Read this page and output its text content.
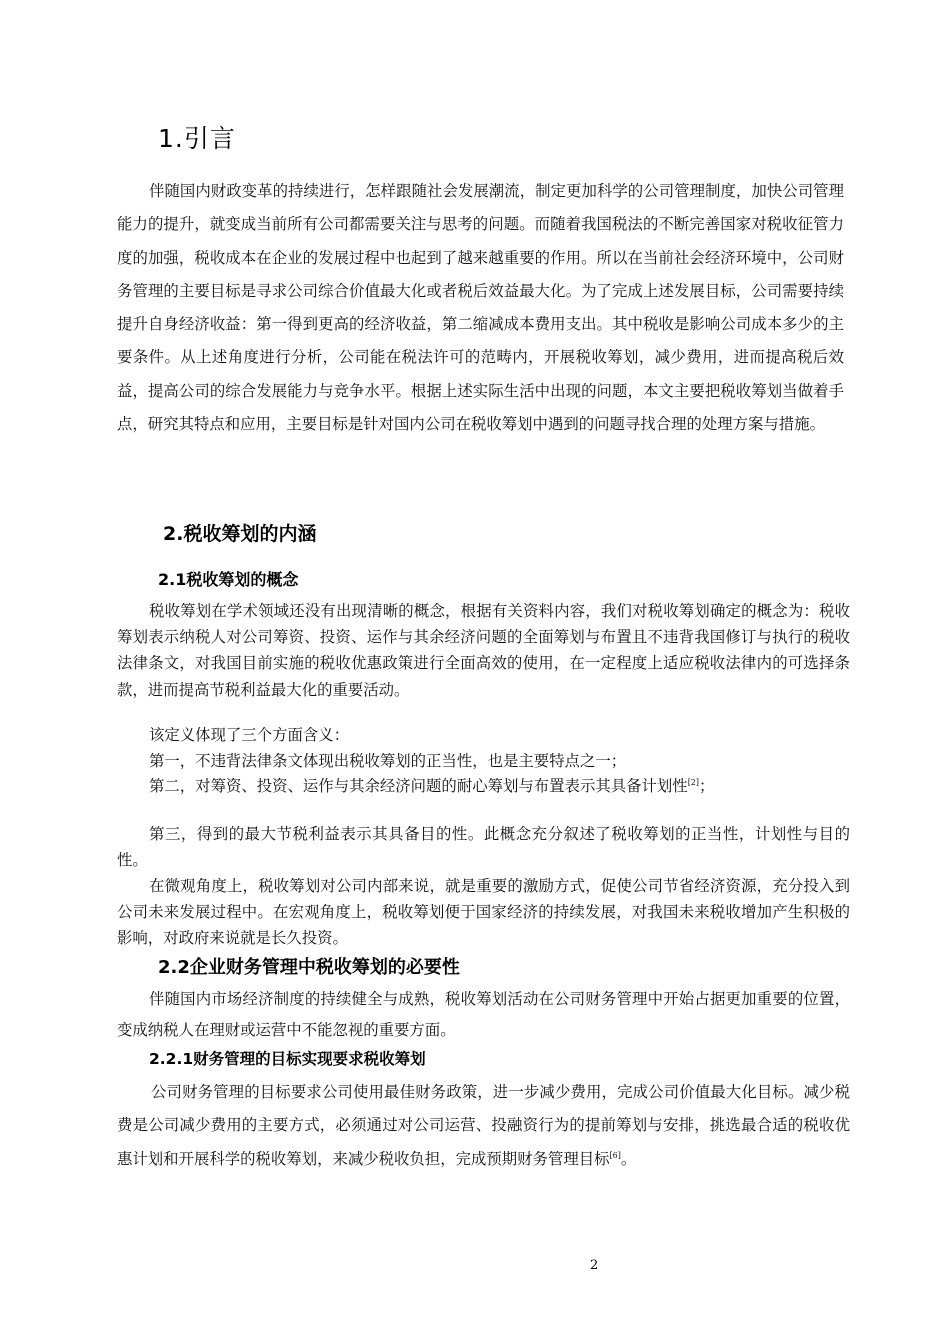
1.引言
伴随国内财政变革的持续进行，怎样跟随社会发展潮流，制定更加科学的公司管理制度，加快公司管理能力的提升，就变成当前所有公司都需要关注与思考的问题。而随着我国税法的不断完善国家对税收征管力度的加强，税收成本在企业的发展过程中也起到了越来越重要的作用。所以在当前社会经济环境中，公司财务管理的主要目标是寻求公司综合价值最大化或者税后效益最大化。为了完成上述发展目标，公司需要持续提升自身经济收益：第一得到更高的经济收益，第二缩减成本费用支出。其中税收是影响公司成本多少的主要条件。从上述角度进行分析，公司能在税法许可的范畴内，开展税收筹划，减少费用，进而提高税后效益，提高公司的综合发展能力与竞争水平。根据上述实际生活中出现的问题，本文主要把税收筹划当做着手点，研究其特点和应用，主要目标是针对国内公司在税收筹划中遇到的问题寻找合理的处理方案与措施。
2.税收筹划的内涵
2.1税收筹划的概念
税收筹划在学术领域还没有出现清晰的概念，根据有关资料内容，我们对税收筹划确定的概念为：税收筹划表示纳税人对公司筹资、投资、运作与其余经济问题的全面筹划与布置且不违背我国修订与执行的税收法律条文，对我国目前实施的税收优惠政策进行全面高效的使用，在一定程度上适应税收法律内的可选择条款，进而提高节税利益最大化的重要活动。
该定义体现了三个方面含义：
第一，不违背法律条文体现出税收筹划的正当性，也是主要特点之一；
第二，对筹资、投资、运作与其余经济问题的耐心筹划与布置表示其具备计划性[2]；
第三，得到的最大节税利益表示其具备目的性。此概念充分叙述了税收筹划的正当性，计划性与目的性。
在微观角度上，税收筹划对公司内部来说，就是重要的激励方式，促使公司节省经济资源，充分投入到公司未来发展过程中。在宏观角度上，税收筹划便于国家经济的持续发展，对我国未来税收增加产生积极的影响，对政府来说就是长久投资。
2.2企业财务管理中税收筹划的必要性
伴随国内市场经济制度的持续健全与成熟，税收筹划活动在公司财务管理中开始占据更加重要的位置，变成纳税人在理财或运营中不能忽视的重要方面。
2.2.1财务管理的目标实现要求税收筹划
公司财务管理的目标要求公司使用最佳财务政策，进一步减少费用，完成公司价值最大化目标。减少税费是公司减少费用的主要方式，必须通过对公司运营、投融资行为的提前筹划与安排，挑选最合适的税收优惠计划和开展科学的税收筹划，来减少税收负担，完成预期财务管理目标[6]。
2
